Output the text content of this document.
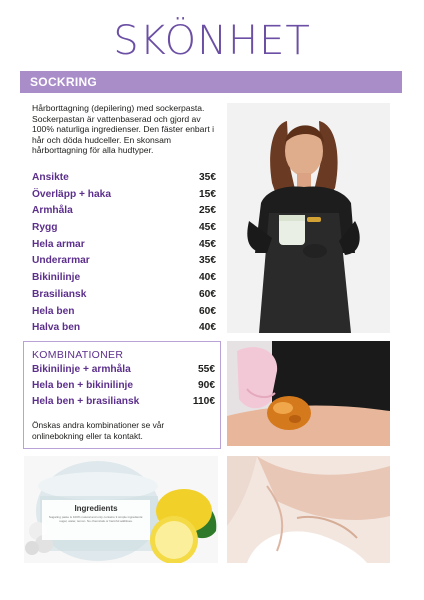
SKÖNHET
SOCKRING
Hårborttagning (depilering) med sockerpasta. Sockerpastan är vattenbaserad och gjord av 100% naturliga ingredienser. Den fäster enbart i hår och döda hudceller. En skonsam hårborttagning för alla hudtyper.
Ansikte	35€
Överläpp + haka	15€
Armhåla	25€
Rygg	45€
Hela armar	45€
Underarmar	35€
Bikinilinje	40€
Brasiliansk	60€
Hela ben	60€
Halva ben	40€
KOMBINATIONER
Bikinilinje + armhåla	55€
Hela ben + bikinilinje	90€
Hela ben + brasiliansk	110€
Önskas andra kombinationer se vår onlinebokning eller ta kontakt.
Ingredients
Sugaring paste is 100% natural and only contains 3 simple ingredients: sugar, water, lemon. No chemicals or harmful additives.
